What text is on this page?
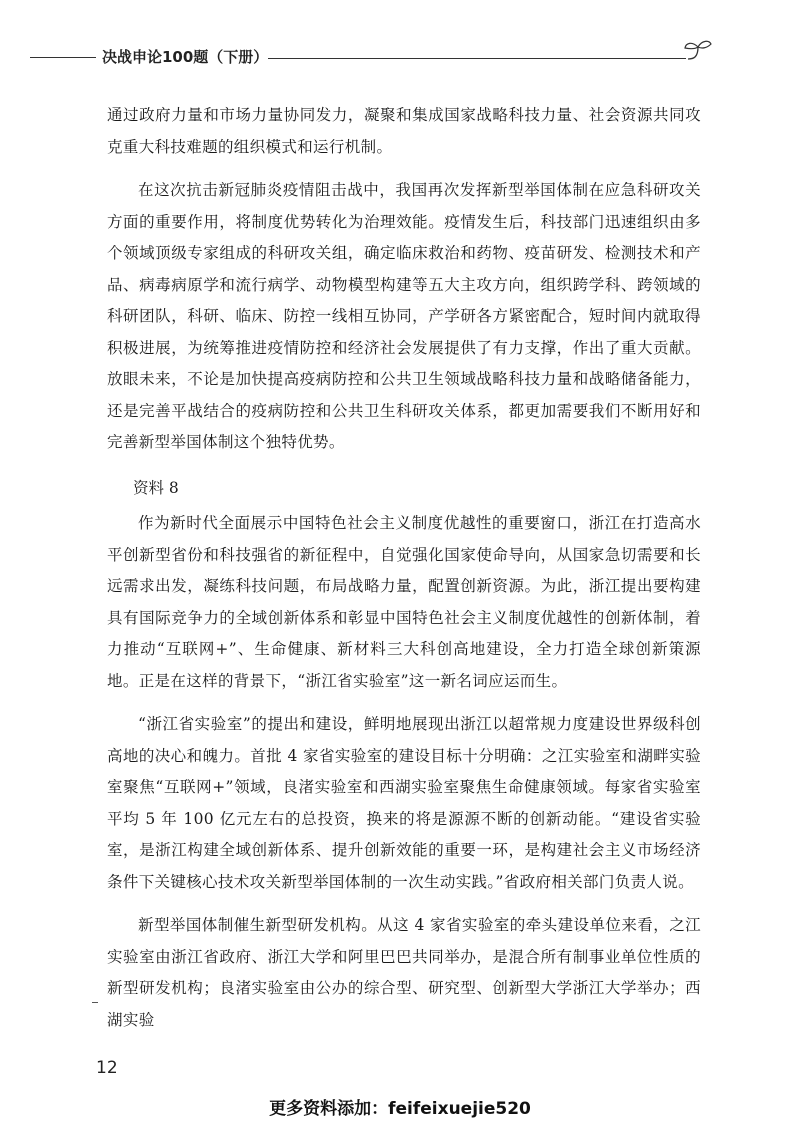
决战申论100题（下册）

通过政府力量和市场力量协同发力，凝聚和集成国家战略科技力量、社会资源共同攻克重大科技难题的组织模式和运行机制。

在这次抗击新冠肺炎疫情阻击战中，我国再次发挥新型举国体制在应急科研攻关方面的重要作用，将制度优势转化为治理效能。疫情发生后，科技部门迅速组织由多个领域顶级专家组成的科研攻关组，确定临床救治和药物、疫苗研发、检测技术和产品、病毒病原学和流行病学、动物模型构建等五大主攻方向，组织跨学科、跨领域的科研团队，科研、临床、防控一线相互协同，产学研各方紧密配合，短时间内就取得积极进展，为统筹推进疫情防控和经济社会发展提供了有力支撑，作出了重大贡献。放眼未来，不论是加快提高疫病防控和公共卫生领域战略科技力量和战略储备能力，还是完善平战结合的疫病防控和公共卫生科研攻关体系，都更加需要我们不断用好和完善新型举国体制这个独特优势。

资料 8

作为新时代全面展示中国特色社会主义制度优越性的重要窗口，浙江在打造高水平创新型省份和科技强省的新征程中，自觉强化国家使命导向，从国家急切需要和长远需求出发，凝练科技问题，布局战略力量，配置创新资源。为此，浙江提出要构建具有国际竞争力的全域创新体系和彰显中国特色社会主义制度优越性的创新体制，着力推动“互联网+”、生命健康、新材料三大科创高地建设，全力打造全球创新策源地。正是在这样的背景下，“浙江省实验室”这一新名词应运而生。

“浙江省实验室”的提出和建设，鲜明地展现出浙江以超常规力度建设世界级科创高地的决心和魄力。首批 4 家省实验室的建设目标十分明确：之江实验室和湖畔实验室聚焦“互联网+”领域，良渚实验室和西湖实验室聚焦生命健康领域。每家省实验室平均 5 年 100 亿元左右的总投资，换来的将是源源不断的创新动能。“建设省实验室，是浙江构建全域创新体系、提升创新效能的重要一环，是构建社会主义市场经济条件下关键核心技术攻关新型举国体制的一次生动实践。”省政府相关部门负责人说。

新型举国体制催生新型研发机构。从这 4 家省实验室的牵头建设单位来看，之江实验室由浙江省政府、浙江大学和阿里巴巴共同举办，是混合所有制事业单位性质的新型研发机构；良渚实验室由公办的综合型、研究型、创新型大学浙江大学举办；西湖实验

12
更多资料添加：feifeixuejie520
